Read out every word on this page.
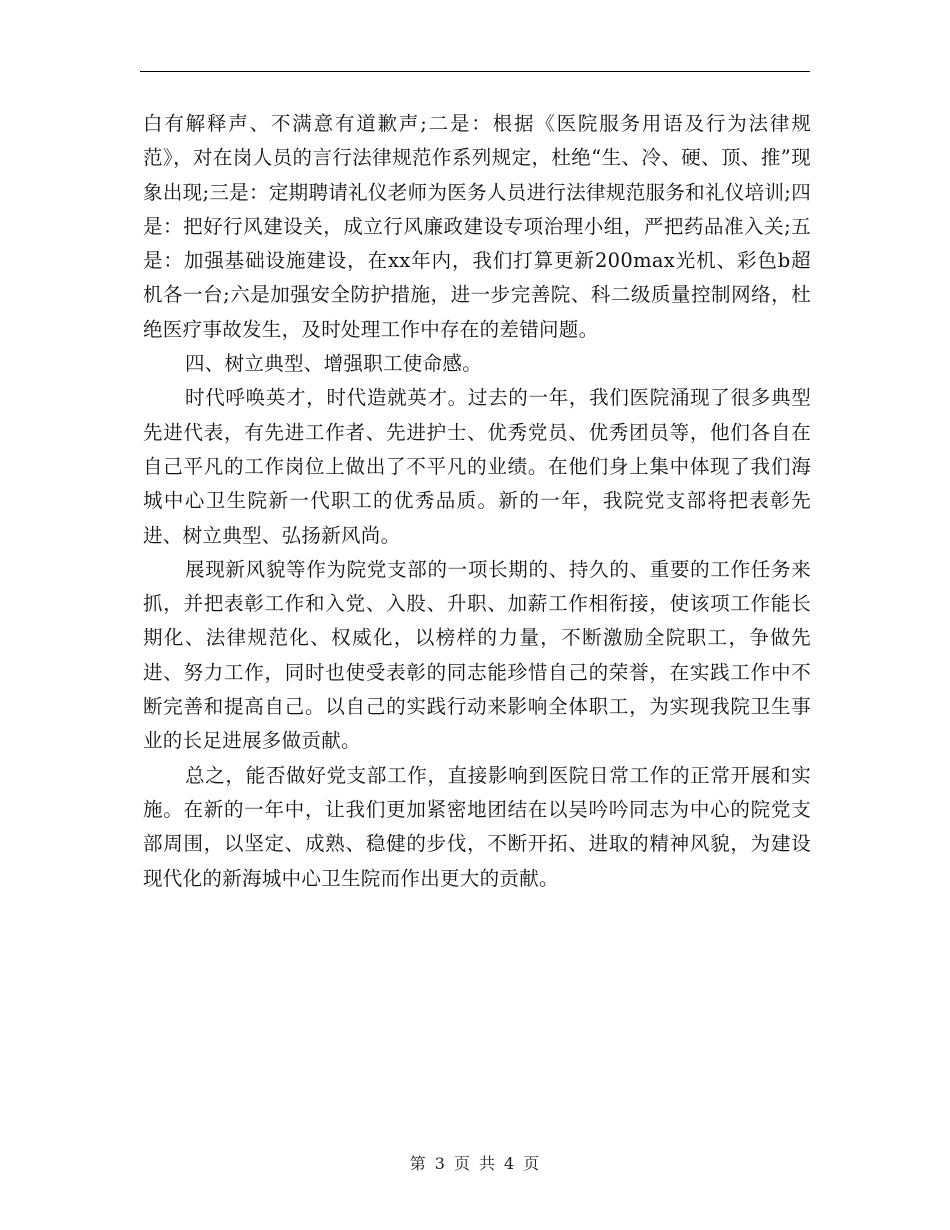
白有解释声、不满意有道歉声;二是：根据《医院服务用语及行为法律规范》，对在岗人员的言行法律规范作系列规定，杜绝“生、冷、硬、顶、推”现象出现;三是：定期聘请礼仪老师为医务人员进行法律规范服务和礼仪培训;四是：把好行风建设关，成立行风廉政建设专项治理小组，严把药品准入关;五是：加强基础设施建设，在xx年内，我们打算更新200max光机、彩色b超机各一台;六是加强安全防护措施，进一步完善院、科二级质量控制网络，杜绝医疗事故发生，及时处理工作中存在的差错问题。

四、树立典型、增强职工使命感。

时代呼唤英才，时代造就英才。过去的一年，我们医院涌现了很多典型先进代表，有先进工作者、先进护士、优秀党员、优秀团员等，他们各自在自己平凡的工作岗位上做出了不平凡的业绩。在他们身上集中体现了我们海城中心卫生院新一代职工的优秀品质。新的一年，我院党支部将把表彰先进、树立典型、弘扬新风尚。

展现新风貌等作为院党支部的一项长期的、持久的、重要的工作任务来抓，并把表彰工作和入党、入股、升职、加薪工作相衔接，使该项工作能长期化、法律规范化、权威化，以榜样的力量，不断激励全院职工，争做先进、努力工作，同时也使受表彰的同志能珍惜自己的荣誉，在实践工作中不断完善和提高自己。以自己的实践行动来影响全体职工，为实现我院卫生事业的长足进展多做贡献。

总之，能否做好党支部工作，直接影响到医院日常工作的正常开展和实施。在新的一年中，让我们更加紧密地团结在以吴吟吟同志为中心的院党支部周围，以坚定、成熟、稳健的步伐，不断开拓、进取的精神风貌，为建设现代化的新海城中心卫生院而作出更大的贡献。

第 3 页 共 4 页
